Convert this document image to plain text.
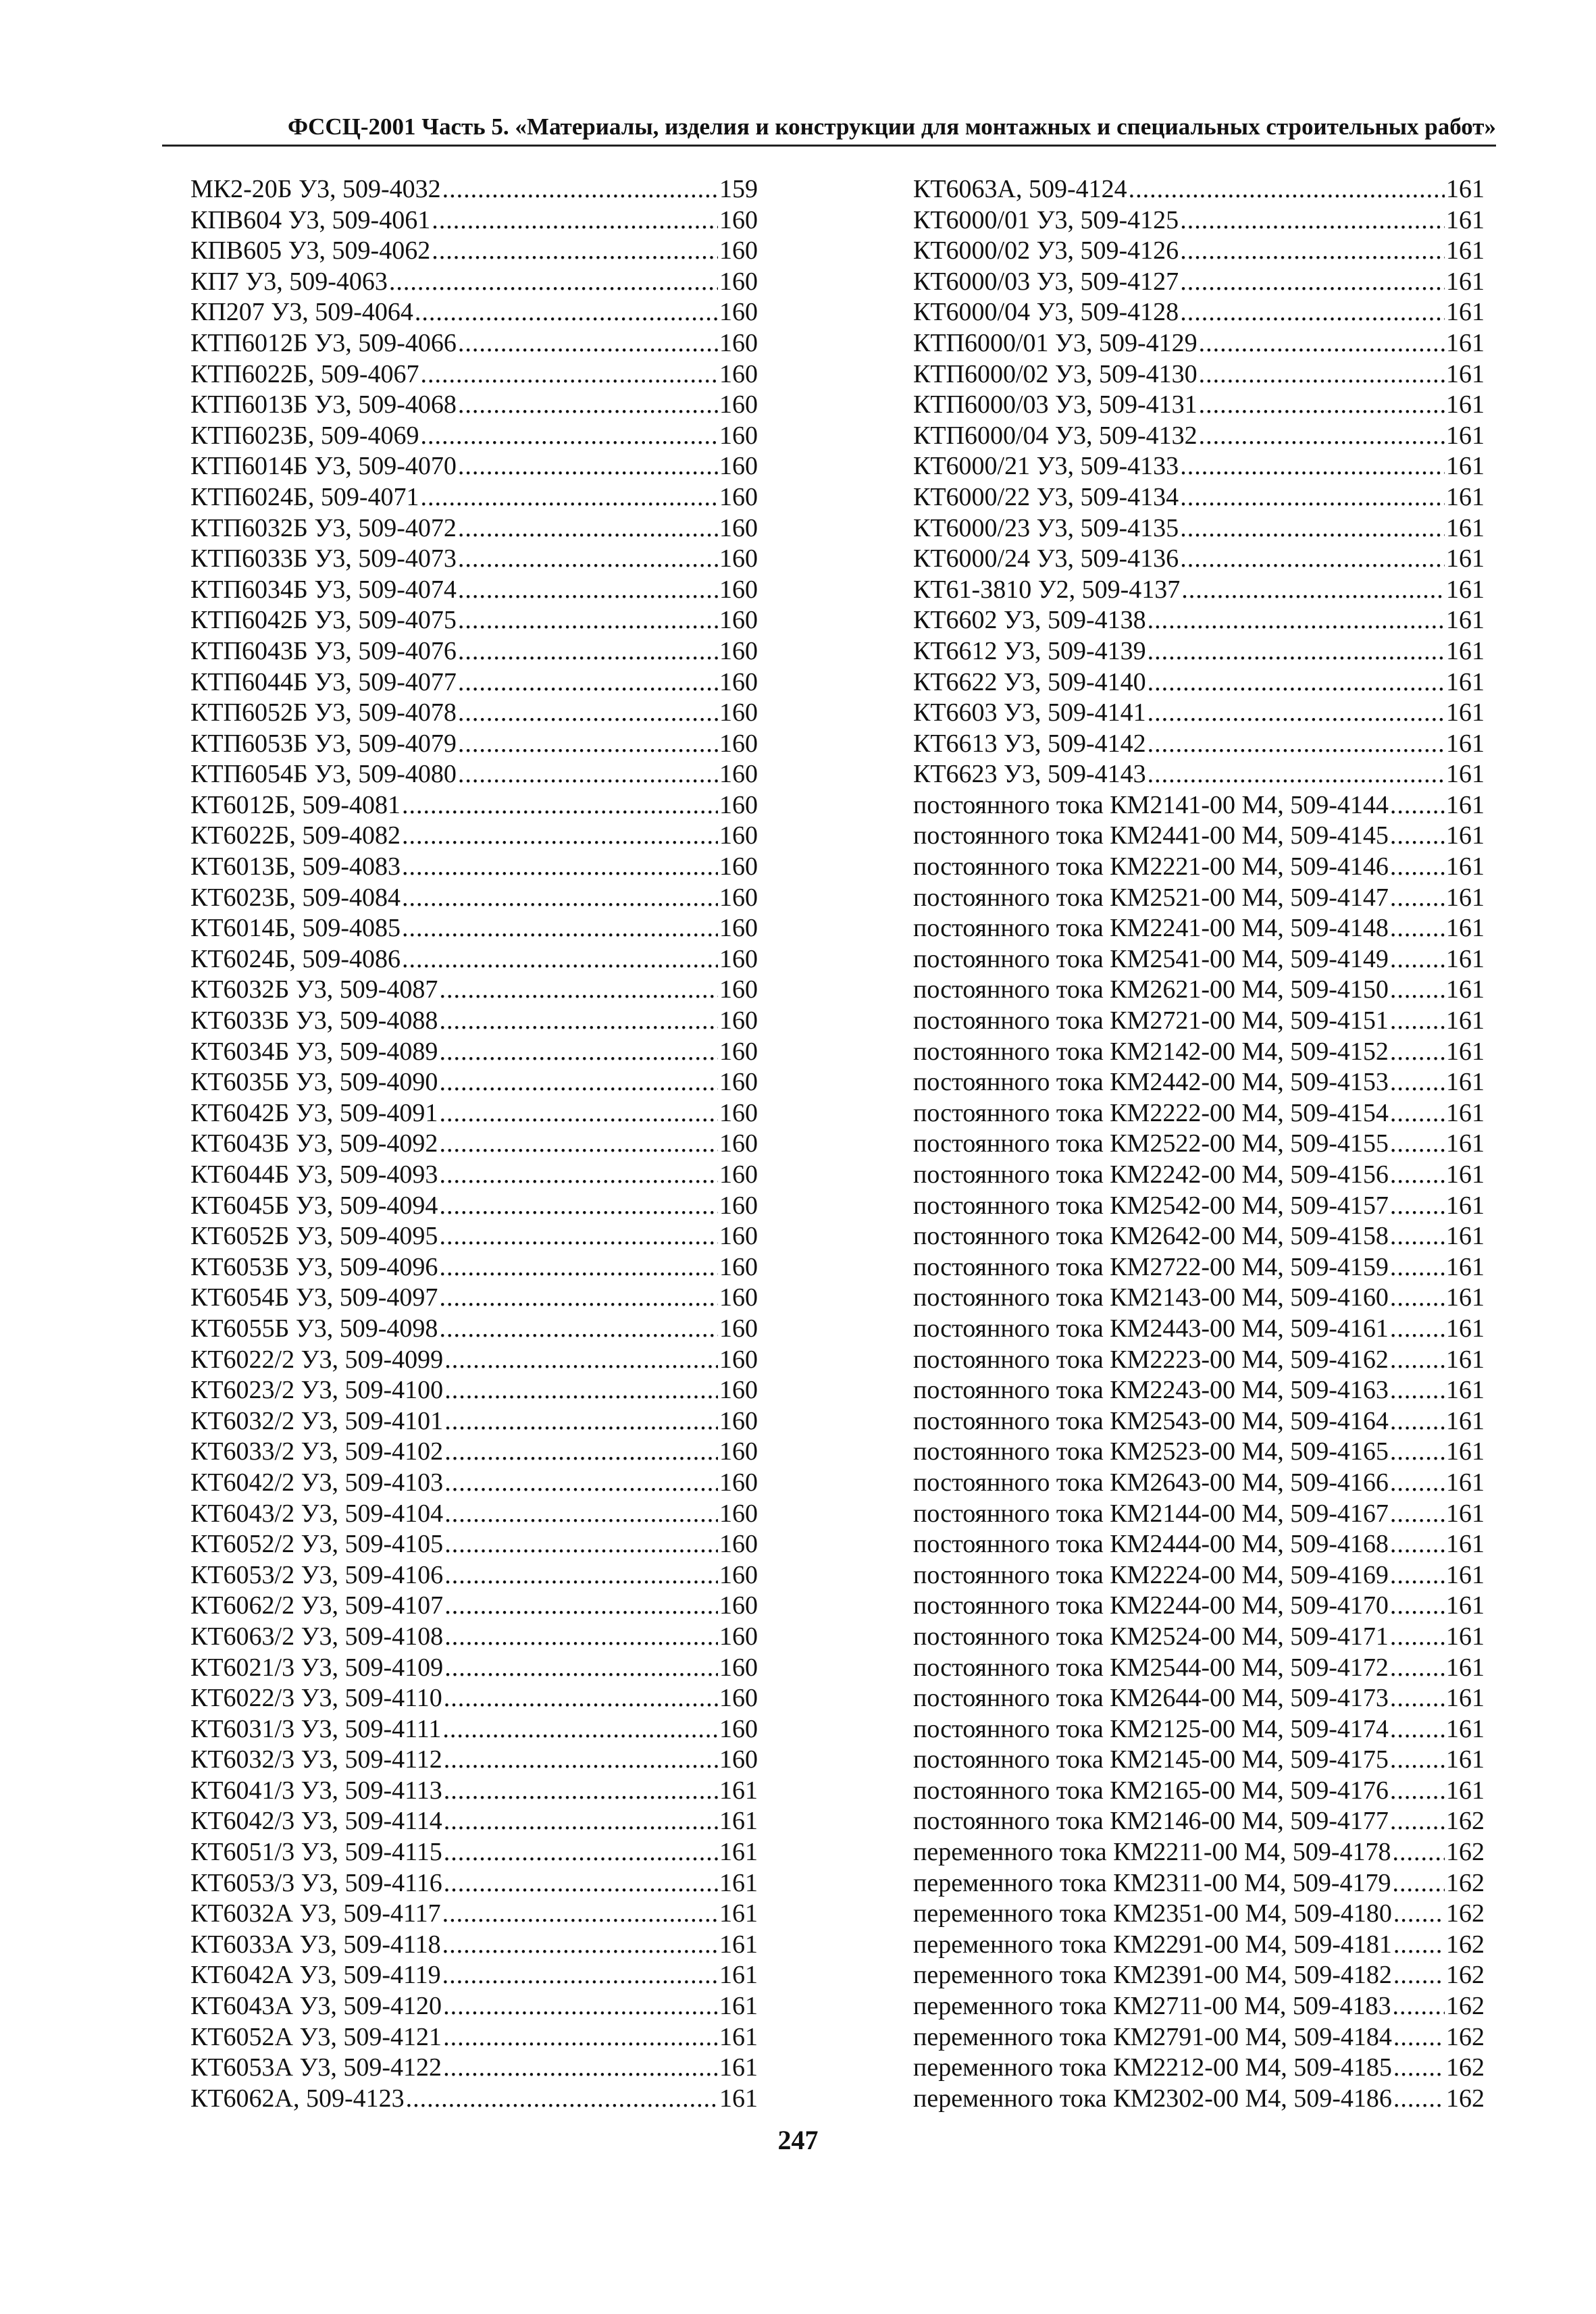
ФССЦ-2001 Часть 5. «Материалы, изделия и конструкции для монтажных и специальных строительных работ»
МК2-20Б У3, 509-4032 .....	159
КПВ604 У3, 509-4061 .....	160
КПВ605 У3, 509-4062 .....	160
КП7 У3, 509-4063 .....	160
КП207 У3, 509-4064 .....	160
КТП6012Б У3, 509-4066 .....	160
КТП6022Б, 509-4067 .....	160
КТП6013Б У3, 509-4068 .....	160
КТП6023Б, 509-4069 .....	160
КТП6014Б У3, 509-4070 .....	160
КТП6024Б, 509-4071 .....	160
КТП6032Б У3, 509-4072 .....	160
КТП6033Б У3, 509-4073 .....	160
КТП6034Б У3, 509-4074 .....	160
КТП6042Б У3, 509-4075 .....	160
КТП6043Б У3, 509-4076 .....	160
КТП6044Б У3, 509-4077 .....	160
КТП6052Б У3, 509-4078 .....	160
КТП6053Б У3, 509-4079 .....	160
КТП6054Б У3, 509-4080 .....	160
КТ6012Б, 509-4081 .....	160
КТ6022Б, 509-4082 .....	160
КТ6013Б, 509-4083 .....	160
КТ6023Б, 509-4084 .....	160
КТ6014Б, 509-4085 .....	160
КТ6024Б, 509-4086 .....	160
КТ6032Б У3, 509-4087 .....	160
КТ6033Б У3, 509-4088 .....	160
КТ6034Б У3, 509-4089 .....	160
КТ6035Б У3, 509-4090 .....	160
КТ6042Б У3, 509-4091 .....	160
КТ6043Б У3, 509-4092 .....	160
КТ6044Б У3, 509-4093 .....	160
КТ6045Б У3, 509-4094 .....	160
КТ6052Б У3, 509-4095 .....	160
КТ6053Б У3, 509-4096 .....	160
КТ6054Б У3, 509-4097 .....	160
КТ6055Б У3, 509-4098 .....	160
КТ6022/2 У3, 509-4099 .....	160
КТ6023/2 У3, 509-4100 .....	160
КТ6032/2 У3, 509-4101 .....	160
КТ6033/2 У3, 509-4102 .....	160
КТ6042/2 У3, 509-4103 .....	160
КТ6043/2 У3, 509-4104 .....	160
КТ6052/2 У3, 509-4105 .....	160
КТ6053/2 У3, 509-4106 .....	160
КТ6062/2 У3, 509-4107 .....	160
КТ6063/2 У3, 509-4108 .....	160
КТ6021/3 У3, 509-4109 .....	160
КТ6022/3 У3, 509-4110 .....	160
КТ6031/3 У3, 509-4111 .....	160
КТ6032/3 У3, 509-4112 .....	160
КТ6041/3 У3, 509-4113 .....	161
КТ6042/3 У3, 509-4114 .....	161
КТ6051/3 У3, 509-4115 .....	161
КТ6053/3 У3, 509-4116 .....	161
КТ6032А У3, 509-4117 .....	161
КТ6033А У3, 509-4118 .....	161
КТ6042А У3, 509-4119 .....	161
КТ6043А У3, 509-4120 .....	161
КТ6052А У3, 509-4121 .....	161
КТ6053А У3, 509-4122 .....	161
КТ6062А, 509-4123 .....	161
КТ6063А, 509-4124 .....	161
КТ6000/01 У3, 509-4125 .....	161
КТ6000/02 У3, 509-4126 .....	161
КТ6000/03 У3, 509-4127 .....	161
КТ6000/04 У3, 509-4128 .....	161
КТП6000/01 У3, 509-4129 .....	161
КТП6000/02 У3, 509-4130 .....	161
КТП6000/03 У3, 509-4131 .....	161
КТП6000/04 У3, 509-4132 .....	161
КТ6000/21 У3, 509-4133 .....	161
КТ6000/22 У3, 509-4134 .....	161
КТ6000/23 У3, 509-4135 .....	161
КТ6000/24 У3, 509-4136 .....	161
КТ61-3810 У2, 509-4137 .....	161
КТ6602 У3, 509-4138 .....	161
КТ6612 У3, 509-4139 .....	161
КТ6622 У3, 509-4140 .....	161
КТ6603 У3, 509-4141 .....	161
КТ6613 У3, 509-4142 .....	161
КТ6623 У3, 509-4143 .....	161
постоянного тока КМ2141-00 М4, 509-4144 ..... 161
постоянного тока КМ2441-00 М4, 509-4145 ..... 161
постоянного тока КМ2221-00 М4, 509-4146 ..... 161
постоянного тока КМ2521-00 М4, 509-4147 ..... 161
постоянного тока КМ2241-00 М4, 509-4148 ..... 161
постоянного тока КМ2541-00 М4, 509-4149 ..... 161
постоянного тока КМ2621-00 М4, 509-4150 ..... 161
постоянного тока КМ2721-00 М4, 509-4151 ..... 161
постоянного тока КМ2142-00 М4, 509-4152 ..... 161
постоянного тока КМ2442-00 М4, 509-4153 ..... 161
постоянного тока КМ2222-00 М4, 509-4154 ..... 161
постоянного тока КМ2522-00 М4, 509-4155 ..... 161
постоянного тока КМ2242-00 М4, 509-4156 ..... 161
постоянного тока КМ2542-00 М4, 509-4157 ..... 161
постоянного тока КМ2642-00 М4, 509-4158 ..... 161
постоянного тока КМ2722-00 М4, 509-4159 ..... 161
постоянного тока КМ2143-00 М4, 509-4160 ..... 161
постоянного тока КМ2443-00 М4, 509-4161 ..... 161
постоянного тока КМ2223-00 М4, 509-4162 ..... 161
постоянного тока КМ2243-00 М4, 509-4163 ..... 161
постоянного тока КМ2543-00 М4, 509-4164 ..... 161
постоянного тока КМ2523-00 М4, 509-4165 ..... 161
постоянного тока КМ2643-00 М4, 509-4166 ..... 161
постоянного тока КМ2144-00 М4, 509-4167 ..... 161
постоянного тока КМ2444-00 М4, 509-4168 ..... 161
постоянного тока КМ2224-00 М4, 509-4169 ..... 161
постоянного тока КМ2244-00 М4, 509-4170 ..... 161
постоянного тока КМ2524-00 М4, 509-4171 ..... 161
постоянного тока КМ2544-00 М4, 509-4172 ..... 161
постоянного тока КМ2644-00 М4, 509-4173 ..... 161
постоянного тока КМ2125-00 М4, 509-4174 ..... 161
постоянного тока КМ2145-00 М4, 509-4175 ..... 161
постоянного тока КМ2165-00 М4, 509-4176 ..... 161
постоянного тока КМ2146-00 М4, 509-4177 ..... 162
переменного тока КМ2211-00 М4, 509-4178 ..... 162
переменного тока КМ2311-00 М4, 509-4179 ..... 162
переменного тока КМ2351-00 М4, 509-4180 ..... 162
переменного тока КМ2291-00 М4, 509-4181 ..... 162
переменного тока КМ2391-00 М4, 509-4182 ..... 162
переменного тока КМ2711-00 М4, 509-4183 ..... 162
переменного тока КМ2791-00 М4, 509-4184 ..... 162
переменного тока КМ2212-00 М4, 509-4185 ..... 162
переменного тока КМ2302-00 М4, 509-4186 ..... 162
247
